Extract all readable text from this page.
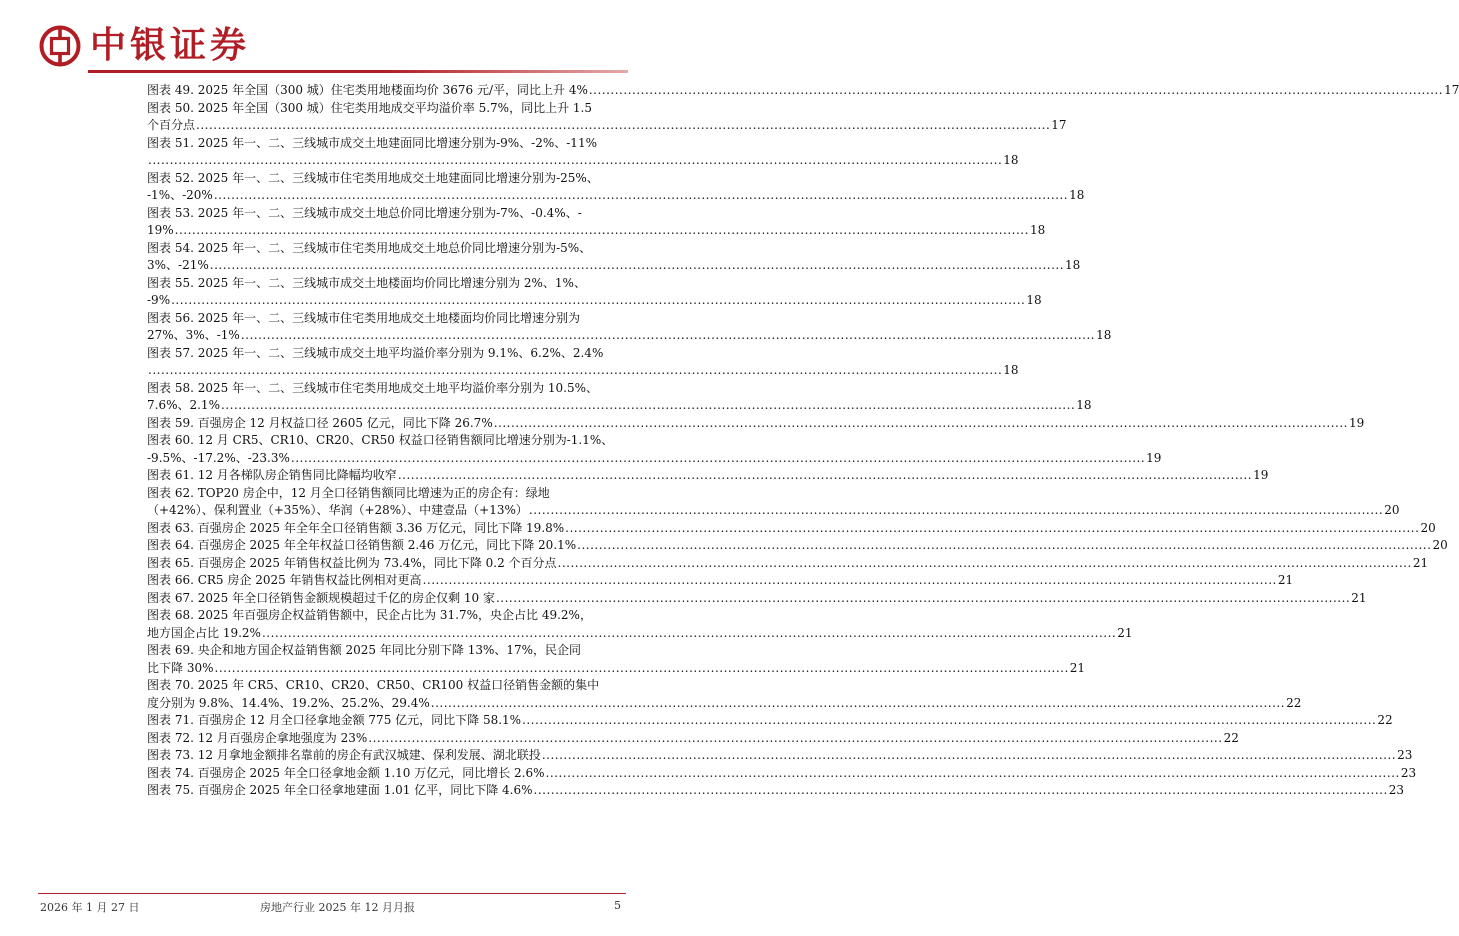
中银证券
图表 49. 2025 年全国（300 城）住宅类用地楼面均价 3676 元/平，同比上升 4% ...................................................................................................................................................................................................... 17
图表 50. 2025 年全国（300 城）住宅类用地成交平均溢价率 5.7%，同比上升 1.5
个百分点 ...................................................................................................................................................................................................... 17
图表 51. 2025 年一、二、三线城市成交土地建面同比增速分别为-9%、-2%、-11%
...................................................................................................................................................................................................... 18
图表 52. 2025 年一、二、三线城市住宅类用地成交土地建面同比增速分别为-25%、
-1%、-20% ...................................................................................................................................................................................................... 18
图表 53. 2025 年一、二、三线城市成交土地总价同比增速分别为-7%、-0.4%、-
19% ...................................................................................................................................................................................................... 18
图表 54. 2025 年一、二、三线城市住宅类用地成交土地总价同比增速分别为-5%、
3%、-21% ...................................................................................................................................................................................................... 18
图表 55. 2025 年一、二、三线城市成交土地楼面均价同比增速分别为 2%、1%、
-9% ...................................................................................................................................................................................................... 18
图表 56. 2025 年一、二、三线城市住宅类用地成交土地楼面均价同比增速分别为
27%、3%、-1% ...................................................................................................................................................................................................... 18
图表 57. 2025 年一、二、三线城市成交土地平均溢价率分别为 9.1%、6.2%、2.4%
...................................................................................................................................................................................................... 18
图表 58. 2025 年一、二、三线城市住宅类用地成交土地平均溢价率分别为 10.5%、
7.6%、2.1% ...................................................................................................................................................................................................... 18
图表 59. 百强房企 12 月权益口径 2605 亿元，同比下降 26.7% ...................................................................................................................................................................................................... 19
图表 60. 12 月 CR5、CR10、CR20、CR50 权益口径销售额同比增速分别为-1.1%、
-9.5%、-17.2%、-23.3% ...................................................................................................................................................................................................... 19
图表 61. 12 月各梯队房企销售同比降幅均收窄 ...................................................................................................................................................................................................... 19
图表 62. TOP20 房企中，12 月全口径销售额同比增速为正的房企有：绿地
（+42%）、保利置业（+35%）、华润（+28%）、中建壹品（+13%） ...................................................................................................................................................................................................... 20
图表 63. 百强房企 2025 年全年全口径销售额 3.36 万亿元，同比下降 19.8% ...................................................................................................................................................................................................... 20
图表 64. 百强房企 2025 年全年权益口径销售额 2.46 万亿元，同比下降 20.1% ...................................................................................................................................................................................................... 20
图表 65. 百强房企 2025 年销售权益比例为 73.4%，同比下降 0.2 个百分点 ...................................................................................................................................................................................................... 21
图表 66. CR5 房企 2025 年销售权益比例相对更高 ...................................................................................................................................................................................................... 21
图表 67. 2025 年全口径销售金额规模超过千亿的房企仅剩 10 家 ...................................................................................................................................................................................................... 21
图表 68. 2025 年百强房企权益销售额中，民企占比为 31.7%，央企占比 49.2%，
地方国企占比 19.2% ...................................................................................................................................................................................................... 21
图表 69. 央企和地方国企权益销售额 2025 年同比分别下降 13%、17%，民企同
比下降 30% ...................................................................................................................................................................................................... 21
图表 70. 2025 年 CR5、CR10、CR20、CR50、CR100 权益口径销售金额的集中
度分别为 9.8%、14.4%、19.2%、25.2%、29.4% ...................................................................................................................................................................................................... 22
图表 71. 百强房企 12 月全口径拿地金额 775 亿元，同比下降 58.1% ...................................................................................................................................................................................................... 22
图表 72. 12 月百强房企拿地强度为 23% ...................................................................................................................................................................................................... 22
图表 73. 12 月拿地金额排名靠前的房企有武汉城建、保利发展、湖北联投 ...................................................................................................................................................................................................... 23
图表 74. 百强房企 2025 年全口径拿地金额 1.10 万亿元，同比增长 2.6% ...................................................................................................................................................................................................... 23
图表 75. 百强房企 2025 年全口径拿地建面 1.01 亿平，同比下降 4.6% ...................................................................................................................................................................................................... 23
2026 年 1 月 27 日	房地产行业 2025 年 12 月月报	5
